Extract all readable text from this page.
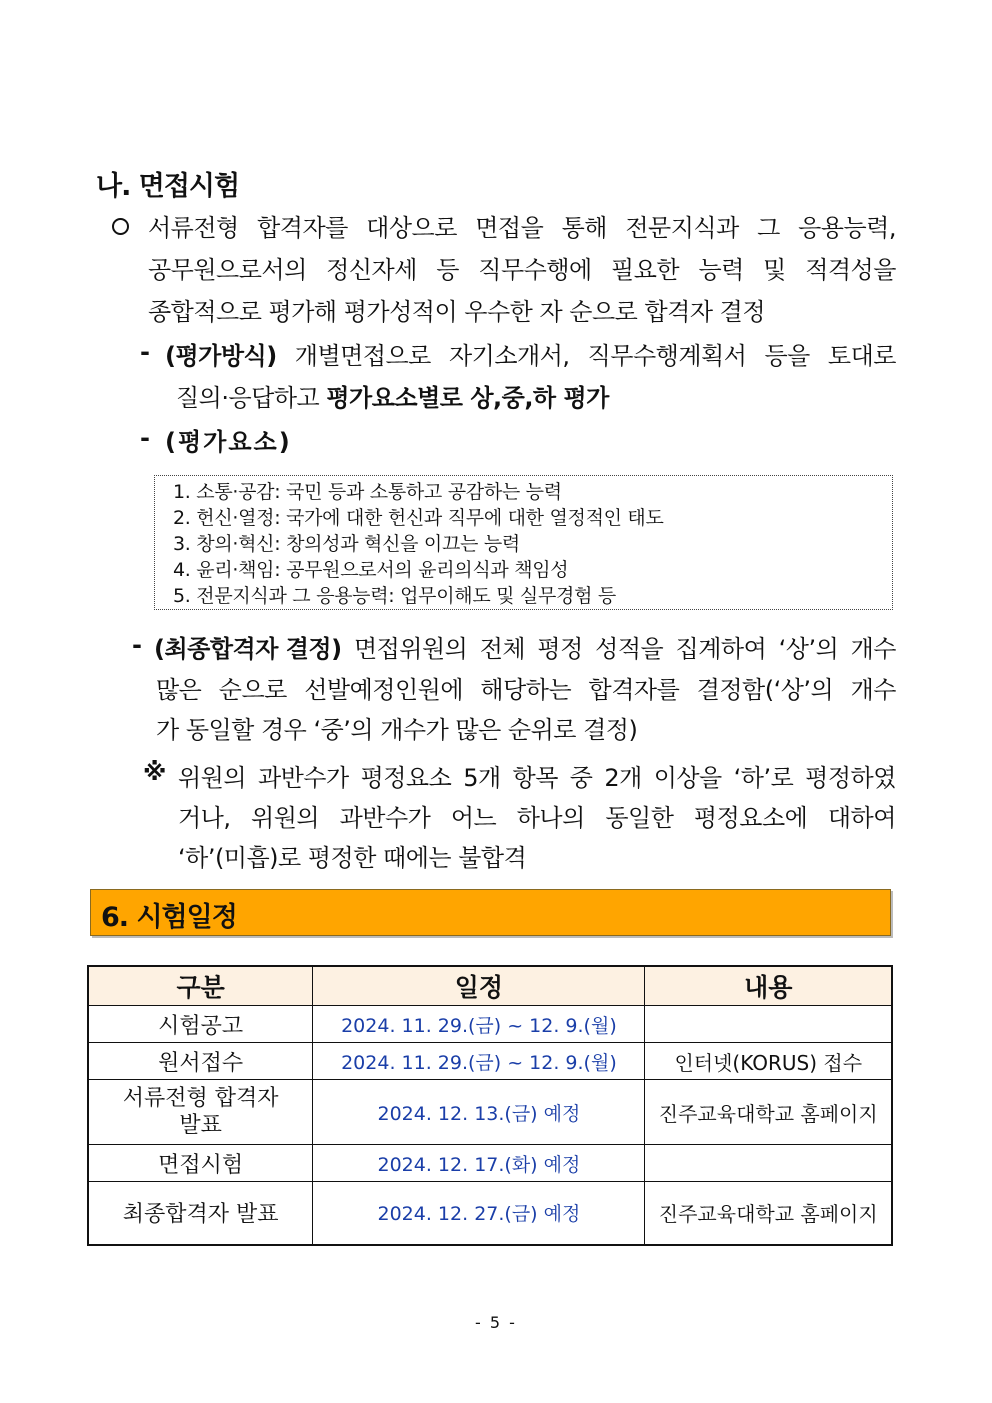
나. 면접시험
서류전형 합격자를 대상으로 면접을 통해 전문지식과 그 응용능력,
공무원으로서의 정신자세 등 직무수행에 필요한 능력 및 적격성을
종합적으로 평가해 평가성적이 우수한 자 순으로 합격자 결정
- (평가방식) 개별면접으로 자기소개서, 직무수행계획서 등을 토대로
질의·응답하고 평가요소별로 상,중,하 평가
- (평가요소)
1. 소통·공감: 국민 등과 소통하고 공감하는 능력
2. 헌신·열정: 국가에 대한 헌신과 직무에 대한 열정적인 태도
3. 창의·혁신: 창의성과 혁신을 이끄는 능력
4. 윤리·책임: 공무원으로서의 윤리의식과 책임성
5. 전문지식과 그 응용능력: 업무이해도 및 실무경험 등
- (최종합격자 결정) 면접위원의 전체 평정 성적을 집계하여 ‘상’의 개수
많은 순으로 선발예정인원에 해당하는 합격자를 결정함(‘상’의 개수
가 동일할 경우 ‘중’의 개수가 많은 순위로 결정)
※ 위원의 과반수가 평정요소 5개 항목 중 2개 이상을 ‘하’로 평정하였
거나, 위원의 과반수가 어느 하나의 동일한 평정요소에 대하여
‘하’(미흡)로 평정한 때에는 불합격
6. 시험일정
구분	일정	내용
시험공고	2024. 11. 29.(금) ~ 12. 9.(월)	
원서접수	2024. 11. 29.(금) ~ 12. 9.(월)	인터넷(KORUS) 접수

서류전형 합격자
발표	2024. 12. 13.(금) 예정	진주교육대학교 홈페이지
면접시험	2024. 12. 17.(화) 예정	
최종합격자 발표	2024. 12. 27.(금) 예정	진주교육대학교 홈페이지
- 5 -
